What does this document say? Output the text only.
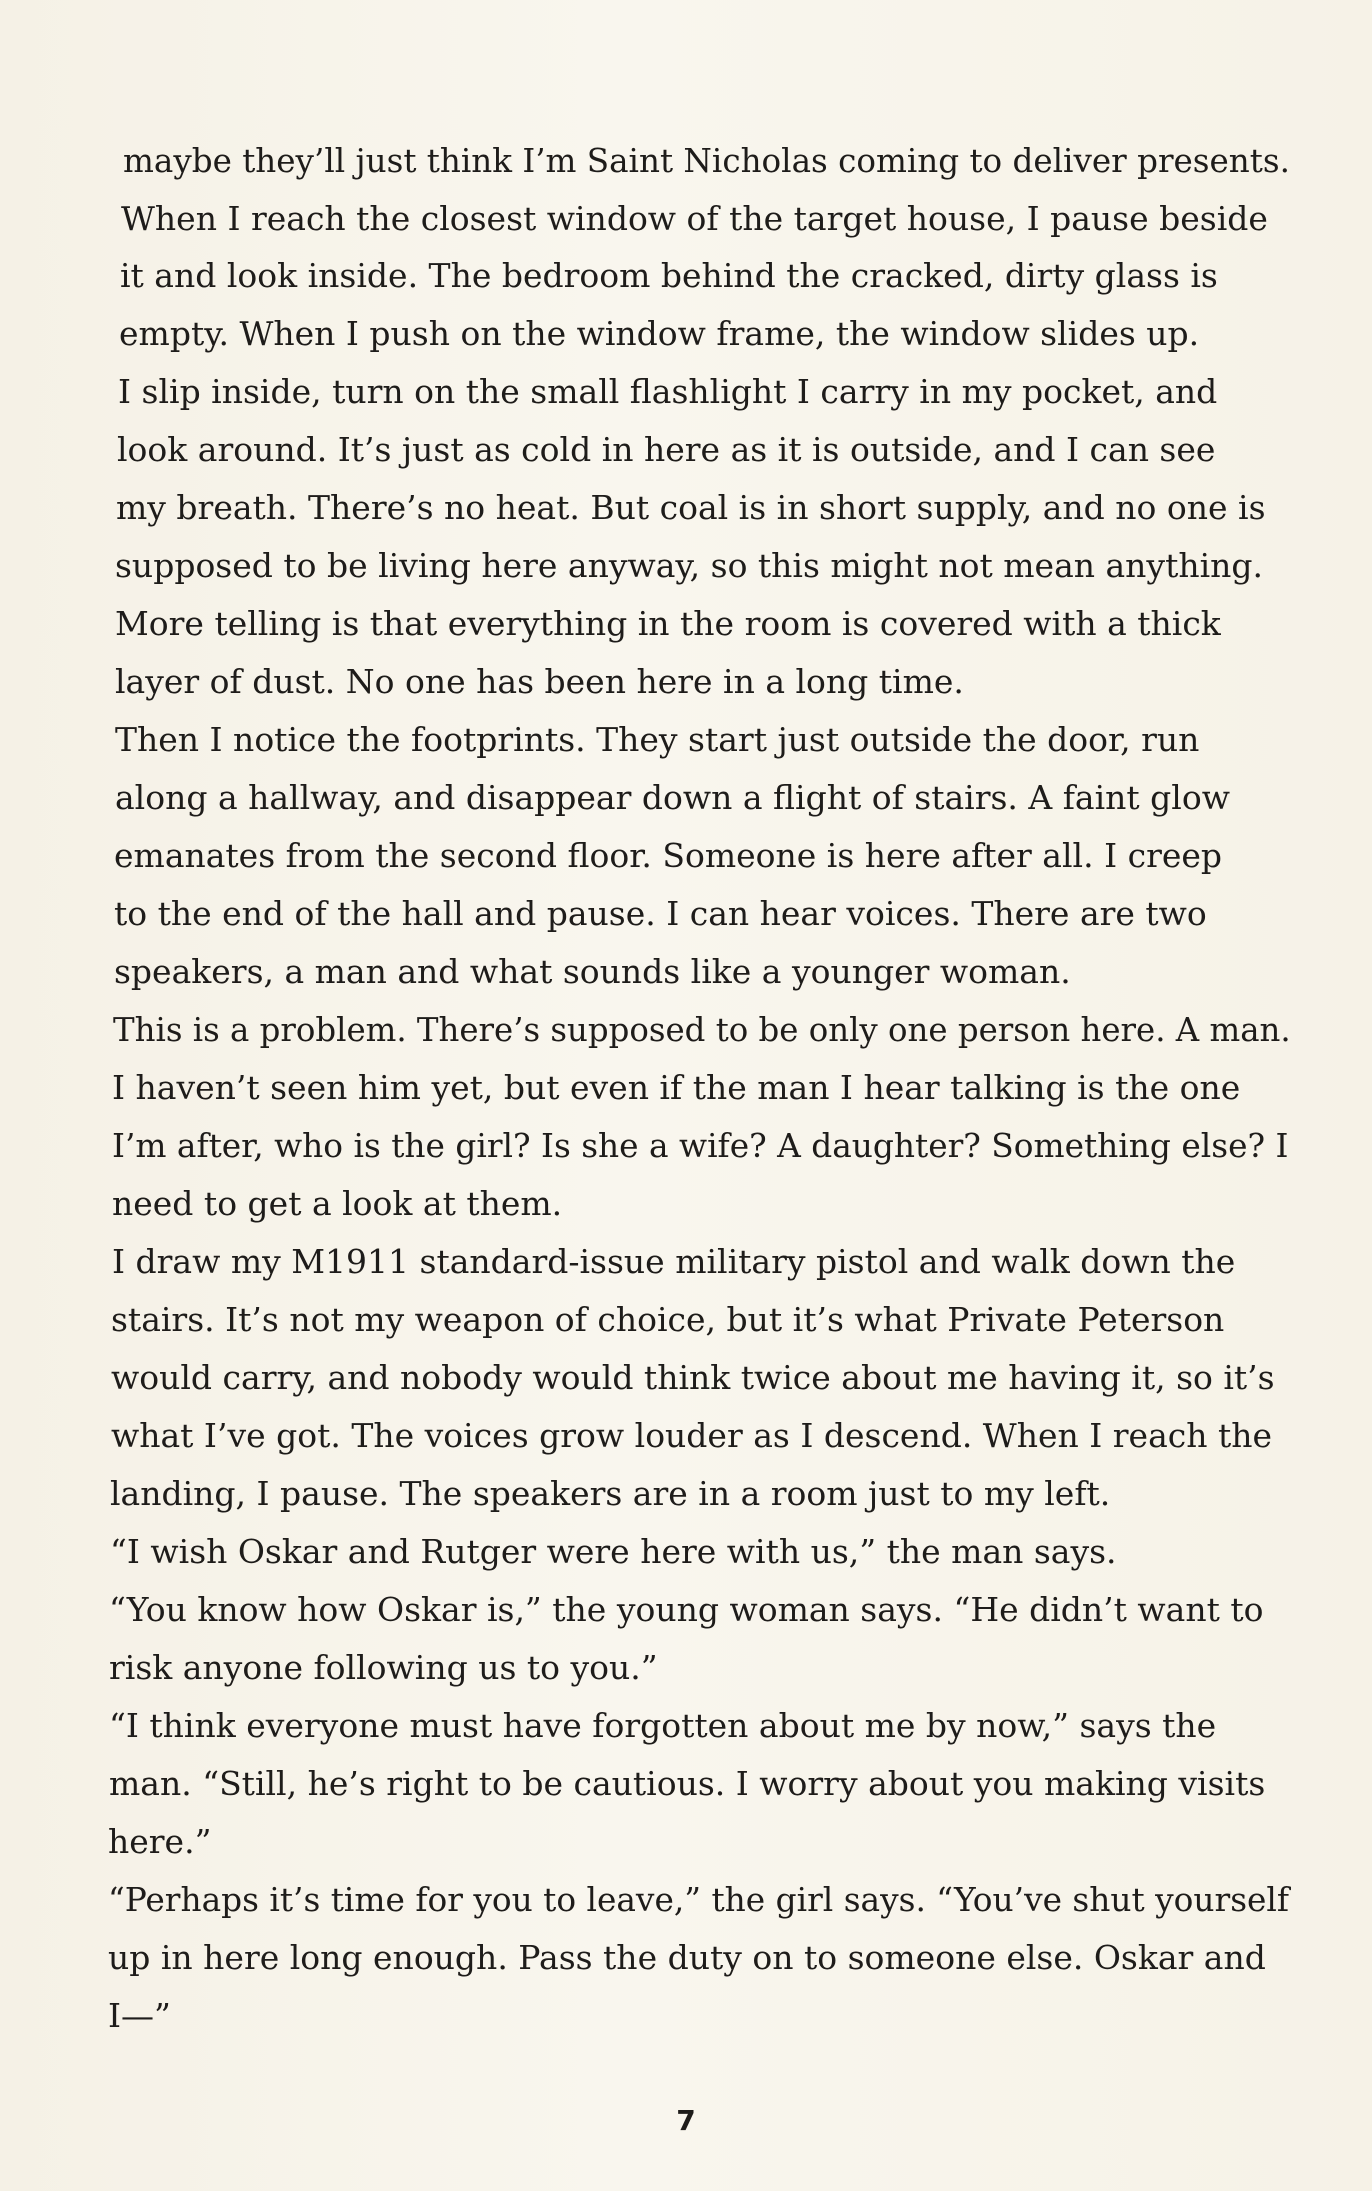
maybe they’ll just think I’m Saint Nicholas coming to deliver presents.
When I reach the closest window of the target house, I pause beside
it and look inside. The bedroom behind the cracked, dirty glass is
empty. When I push on the window frame, the window slides up.
I slip inside, turn on the small flashlight I carry in my pocket, and
look around. It’s just as cold in here as it is outside, and I can see
my breath. There’s no heat. But coal is in short supply, and no one is
supposed to be living here anyway, so this might not mean anything.
More telling is that everything in the room is covered with a thick
layer of dust. No one has been here in a long time.
Then I notice the footprints. They start just outside the door, run
along a hallway, and disappear down a flight of stairs. A faint glow
emanates from the second floor. Someone is here after all. I creep
to the end of the hall and pause. I can hear voices. There are two
speakers, a man and what sounds like a younger woman.
This is a problem. There’s supposed to be only one person here. A man.
I haven’t seen him yet, but even if the man I hear talking is the one
I’m after, who is the girl? Is she a wife? A daughter? Something else? I
need to get a look at them.
I draw my M1911 standard-issue military pistol and walk down the
stairs. It’s not my weapon of choice, but it’s what Private Peterson
would carry, and nobody would think twice about me having it, so it’s
what I’ve got. The voices grow louder as I descend. When I reach the
landing, I pause. The speakers are in a room just to my left.
“I wish Oskar and Rutger were here with us,” the man says.
“You know how Oskar is,” the young woman says. “He didn’t want to
risk anyone following us to you.”
“I think everyone must have forgotten about me by now,” says the
man. “Still, he’s right to be cautious. I worry about you making visits
here.”
“Perhaps it’s time for you to leave,” the girl says. “You’ve shut yourself
up in here long enough. Pass the duty on to someone else. Oskar and
I—”
7
